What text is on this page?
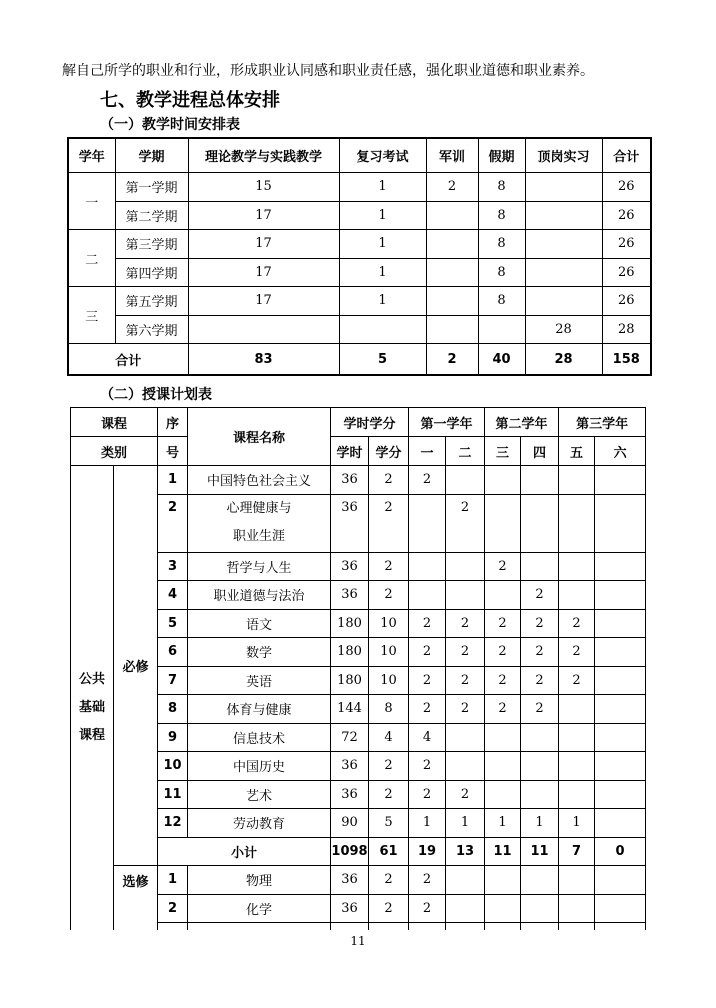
解自己所学的职业和行业，形成职业认同感和职业责任感，强化职业道德和职业素养。
七、教学进程总体安排
（一）教学时间安排表
学年	学期	理论教学与实践教学	复习考试	军训	假期	顶岗实习	合计
一	第一学期	15	1	2	8		26
	第二学期	17	1		8		26
二	第三学期	17	1		8		26
	第四学期	17	1		8		26
三	第五学期	17	1		8		26
	第六学期					28	28
合计		83	5	2	40	28	158
（二）授课计划表
课程		序	课程名称	学时学分		第一学年		第二学年		第三学年	
类别		号		学时	学分	一	二	三	四	五	六

公共
基础
课程	必修	1	中国特色社会主义	36	2	2					
		2	心理健康与
职业生涯	36	2		2				
		3	哲学与人生	36	2			2			
		4	职业道德与法治	36	2				2		
		5	语文	180	10	2	2	2	2	2	
		6	数学	180	10	2	2	2	2	2	
		7	英语	180	10	2	2	2	2	2	
		8	体育与健康	144	8	2	2	2	2		
		9	信息技术	72	4	4					
		10	中国历史	36	2	2					
		11	艺术	36	2	2	2				
		12	劳动教育	90	5	1	1	1	1	1	
		小计		1098	61	19	13	11	11	7	0
	选修	1	物理	36	2	2					
		2	化学	36	2	2					

11
